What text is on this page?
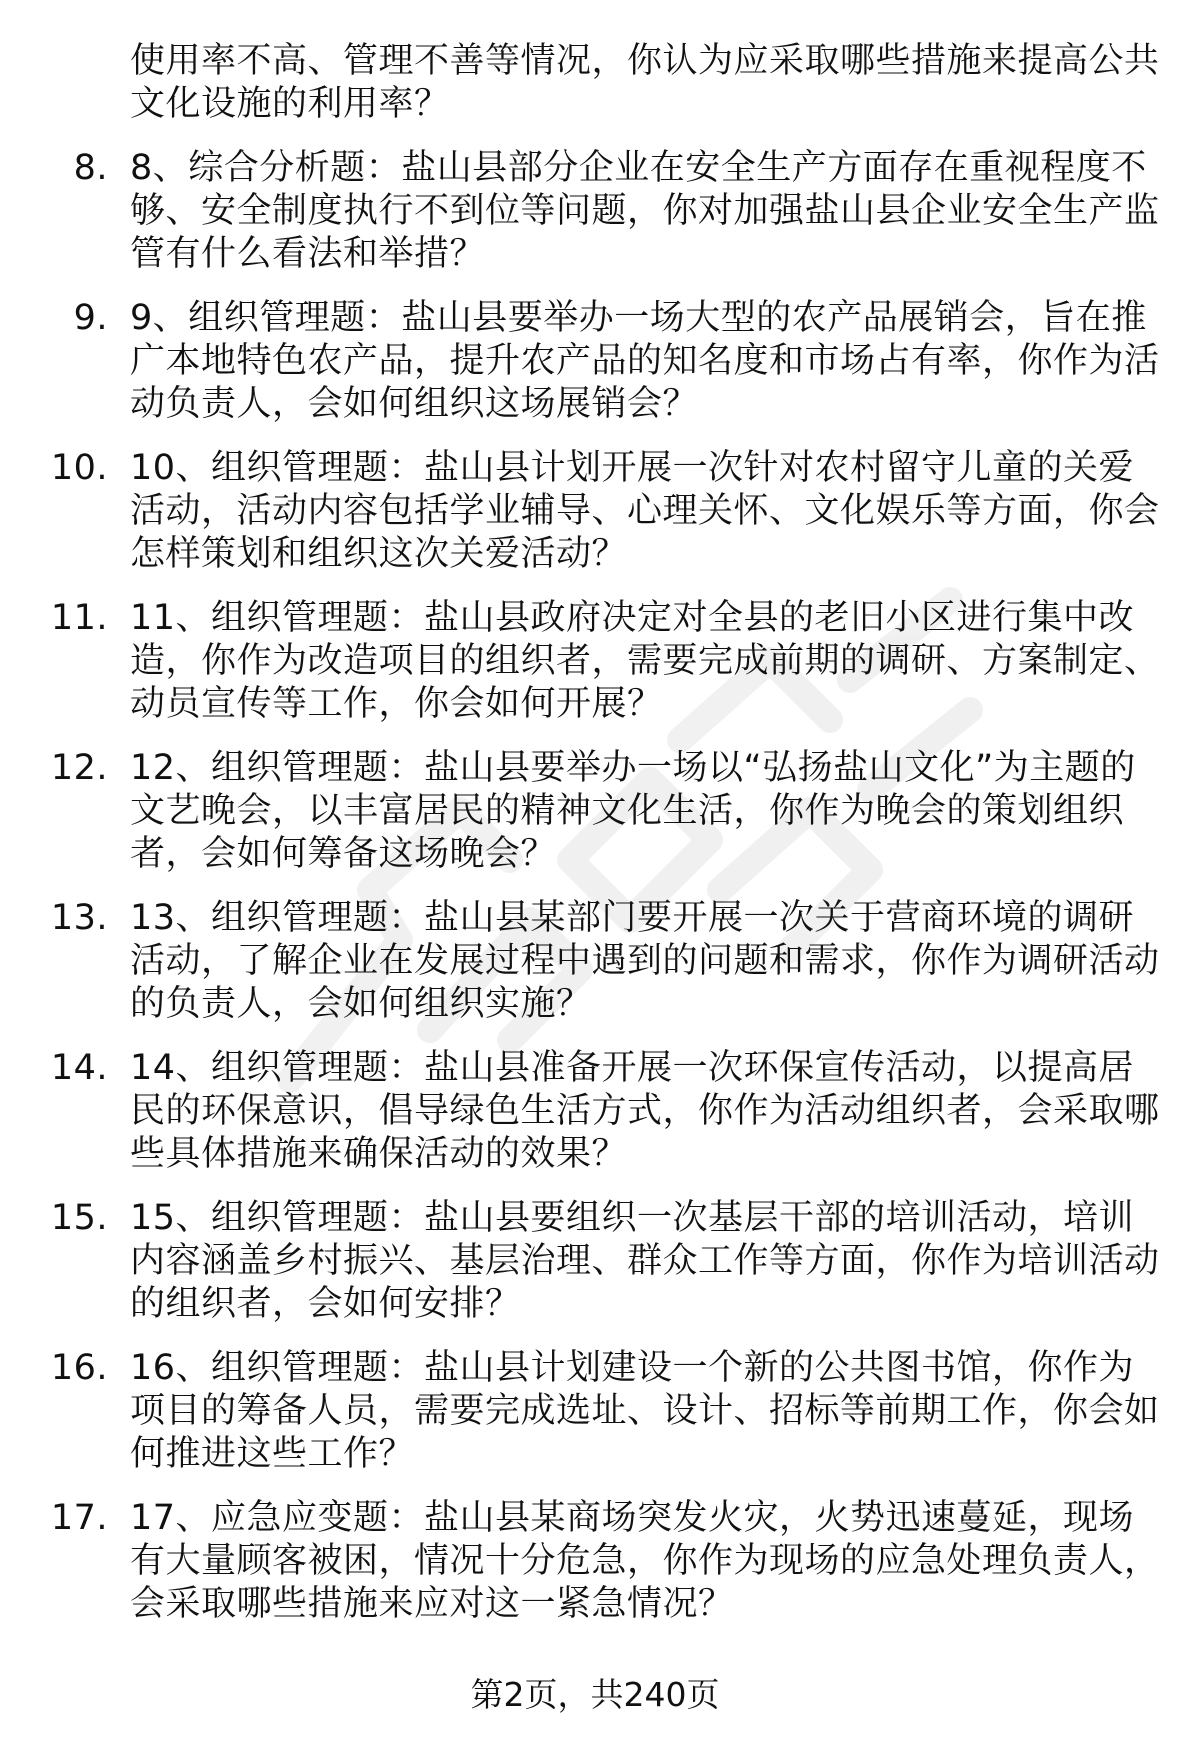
使用率不高、管理不善等情况，你认为应采取哪些措施来提高公共文化设施的利用率？
8. 8、综合分析题：盐山县部分企业在安全生产方面存在重视程度不够、安全制度执行不到位等问题，你对加强盐山县企业安全生产监管有什么看法和举措？
9. 9、组织管理题：盐山县要举办一场大型的农产品展销会，旨在推广本地特色农产品，提升农产品的知名度和市场占有率，你作为活动负责人，会如何组织这场展销会？
10. 10、组织管理题：盐山县计划开展一次针对农村留守儿童的关爱活动，活动内容包括学业辅导、心理关怀、文化娱乐等方面，你会怎样策划和组织这次关爱活动？
11. 11、组织管理题：盐山县政府决定对全县的老旧小区进行集中改造，你作为改造项目的组织者，需要完成前期的调研、方案制定、动员宣传等工作，你会如何开展？
12. 12、组织管理题：盐山县要举办一场以“弘扬盐山文化”为主题的文艺晚会，以丰富居民的精神文化生活，你作为晚会的策划组织者，会如何筹备这场晚会？
13. 13、组织管理题：盐山县某部门要开展一次关于营商环境的调研活动，了解企业在发展过程中遇到的问题和需求，你作为调研活动的负责人，会如何组织实施？
14. 14、组织管理题：盐山县准备开展一次环保宣传活动，以提高居民的环保意识，倡导绿色生活方式，你作为活动组织者，会采取哪些具体措施来确保活动的效果？
15. 15、组织管理题：盐山县要组织一次基层干部的培训活动，培训内容涵盖乡村振兴、基层治理、群众工作等方面，你作为培训活动的组织者，会如何安排？
16. 16、组织管理题：盐山县计划建设一个新的公共图书馆，你作为项目的筹备人员，需要完成选址、设计、招标等前期工作，你会如何推进这些工作？
17. 17、应急应变题：盐山县某商场突发火灾，火势迅速蔓延，现场有大量顾客被困，情况十分危急，你作为现场的应急处理负责人，会采取哪些措施来应对这一紧急情况？
第2页，共240页
